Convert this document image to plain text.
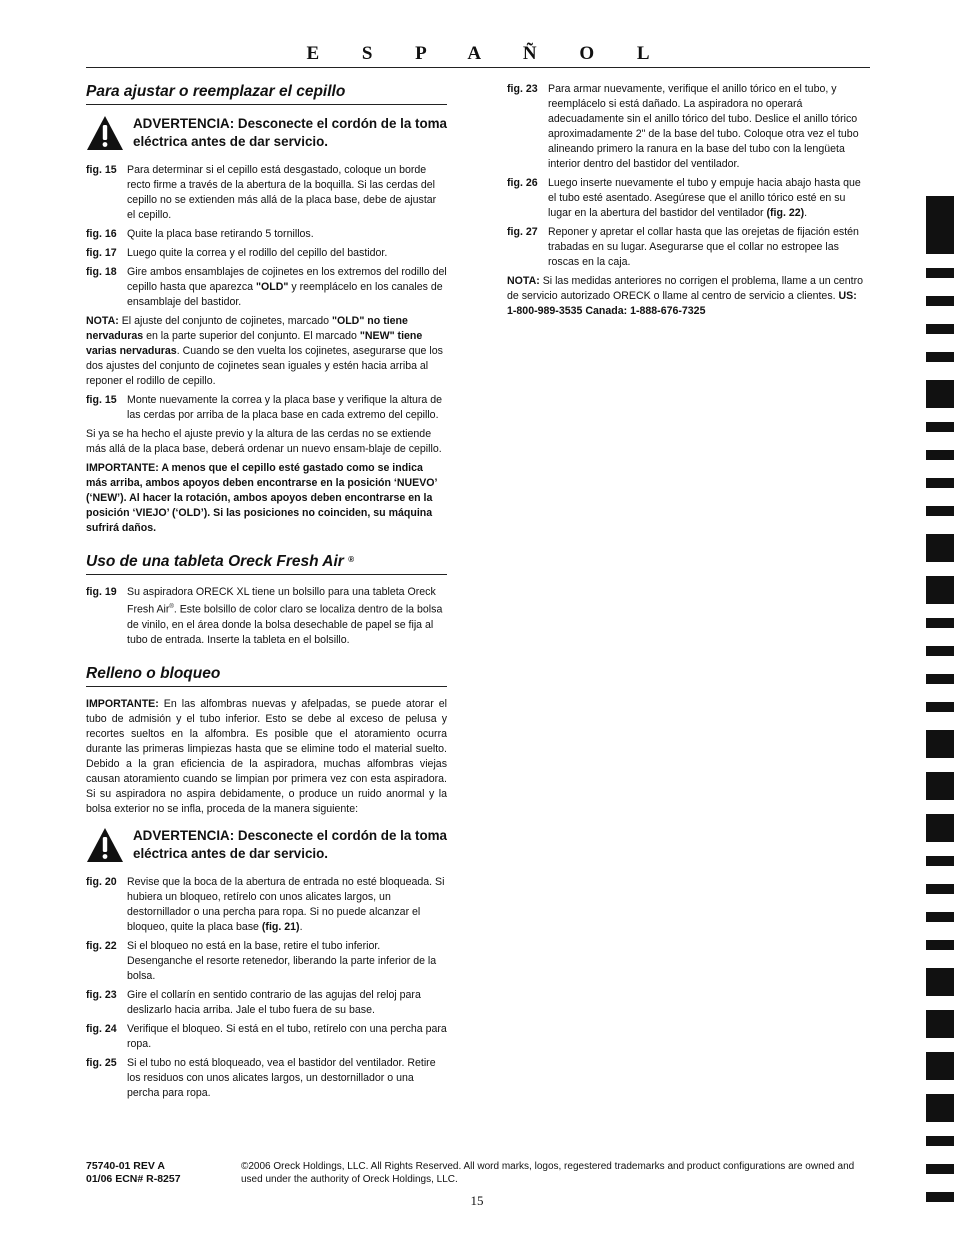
E S P A Ñ O L
Para ajustar o reemplazar el cepillo
ADVERTENCIA: Desconecte el cordón de la toma eléctrica antes de dar servicio.
fig. 15 Para determinar si el cepillo está desgastado, coloque un borde recto firme a través de la abertura de la boquilla. Si las cerdas del cepillo no se extienden más allá de la placa base, debe de ajustar el cepillo.
fig. 16 Quite la placa base retirando 5 tornillos.
fig. 17 Luego quite la correa y el rodillo del cepillo del bastidor.
fig. 18 Gire ambos ensamblajes de cojinetes en los extremos del rodillo del cepillo hasta que aparezca "OLD" y reemplácelo en los canales de ensamblaje del bastidor.
NOTA: El ajuste del conjunto de cojinetes, marcado "OLD" no tiene nervaduras en la parte superior del conjunto. El marcado "NEW" tiene varias nervaduras. Cuando se den vuelta los cojinetes, asegurarse que los dos ajustes del conjunto de cojinetes sean iguales y estén hacia arriba al reponer el rodillo de cepillo.
fig. 15 Monte nuevamente la correa y la placa base y verifique la altura de las cerdas por arriba de la placa base en cada extremo del cepillo.
Si ya se ha hecho el ajuste previo y la altura de las cerdas no se extiende más allá de la placa base, deberá ordenar un nuevo ensam-blaje de cepillo.
IMPORTANTE: A menos que el cepillo esté gastado como se indica más arriba, ambos apoyos deben encontrarse en la posición ‘NUEVO’ (‘NEW’). Al hacer la rotación, ambos apoyos deben encontrarse en la posición ‘VIEJO’ (‘OLD’). Si las posiciones no coinciden, su máquina sufrirá daños.
Uso de una tableta Oreck Fresh Air ®
fig. 19 Su aspiradora ORECK XL tiene un bolsillo para una tableta Oreck Fresh Air®. Este bolsillo de color claro se localiza dentro de la bolsa de vinilo, en el área donde la bolsa desechable de papel se fija al tubo de entrada. Inserte la tableta en el bolsillo.
Relleno o bloqueo
IMPORTANTE: En las alfombras nuevas y afelpadas, se puede atorar el tubo de admisión y el tubo inferior. Esto se debe al exceso de pelusa y recortes sueltos en la alfombra. Es posible que el atoramiento ocurra durante las primeras limpiezas hasta que se elimine todo el material suelto. Debido a la gran eficiencia de la aspiradora, muchas alfombras viejas causan atoramiento cuando se limpian por primera vez con esta aspiradora. Si su aspiradora no aspira debidamente, o produce un ruido anormal y la bolsa exterior no se infla, proceda de la manera siguiente:
ADVERTENCIA: Desconecte el cordón de la toma eléctrica antes de dar servicio.
fig. 20 Revise que la boca de la abertura de entrada no esté bloqueada. Si hubiera un bloqueo, retírelo con unos alicates largos, un destornillador o una percha para ropa. Si no puede alcanzar el bloqueo, quite la placa base (fig. 21).
fig. 22 Si el bloqueo no está en la base, retire el tubo inferior. Desenganche el resorte retenedor, liberando la parte inferior de la bolsa.
fig. 23 Gire el collarín en sentido contrario de las agujas del reloj para deslizarlo hacia arriba. Jale el tubo fuera de su base.
fig. 24 Verifique el bloqueo. Si está en el tubo, retírelo con una percha para ropa.
fig. 25 Si el tubo no está bloqueado, vea el bastidor del ventilador. Retire los residuos con unos alicates largos, un destornillador o una percha para ropa.
fig. 23 Para armar nuevamente, verifique el anillo tórico en el tubo, y reemplácelo si está dañado. La aspiradora no operará adecuadamente sin el anillo tórico del tubo. Deslice el anillo tórico aproximadamente 2" de la base del tubo. Coloque otra vez el tubo alineando primero la ranura en la base del tubo con la lengüeta interior dentro del bastidor del ventilador.
fig. 26 Luego inserte nuevamente el tubo y empuje hacia abajo hasta que el tubo esté asentado. Asegúrese que el anillo tórico esté en su lugar en la abertura del bastidor del ventilador (fig. 22).
fig. 27 Reponer y apretar el collar hasta que las orejetas de fijación estén trabadas en su lugar. Asegurarse que el collar no estropee las roscas en la caja.
NOTA: Si las medidas anteriores no corrigen el problema, llame a un centro de servicio autorizado ORECK o llame al centro de servicio a clientes. US: 1-800-989-3535 Canada: 1-888-676-7325
75740-01 REV A
01/06 ECN# R-8257
©2006 Oreck Holdings, LLC. All Rights Reserved. All word marks, logos, regestered trademarks and product configurations are owned and used under the authority of Oreck Holdings, LLC.
15
